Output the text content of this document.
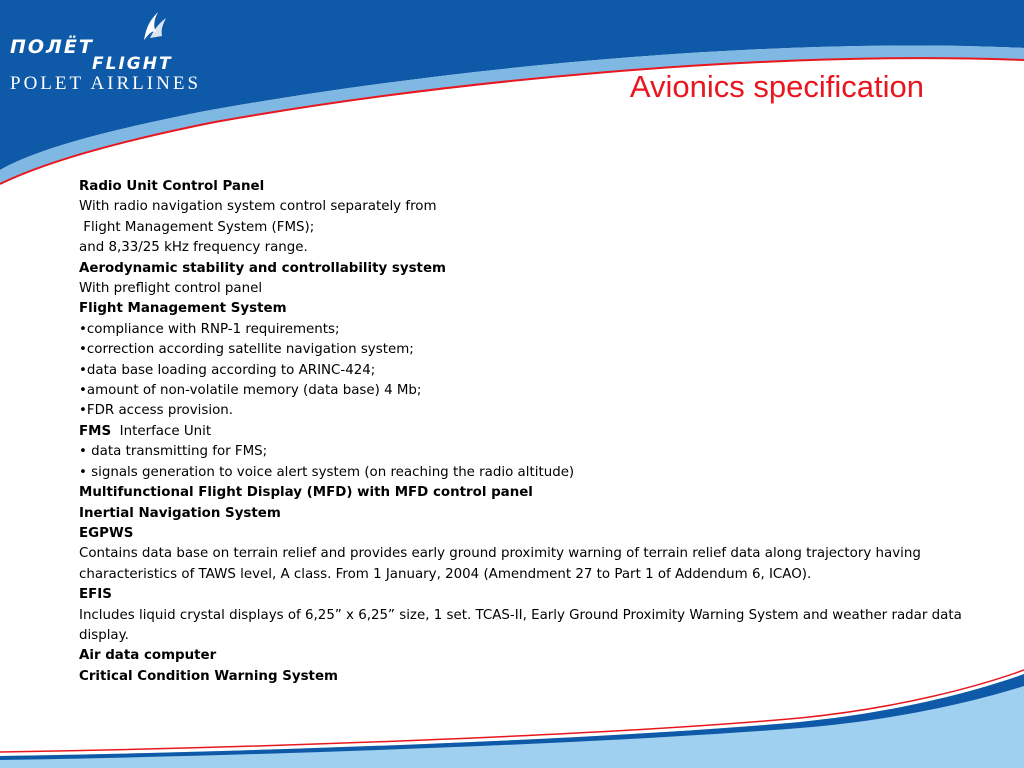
ПОЛЁТ
FLIGHT
POLET AIRLINES	Avionics specification

Radio Unit Control Panel

With radio navigation system control separately from

Flight Management System (FMS);

and 8,33/25 kHz frequency range.

Aerodynamic stability and controllability system

With preflight control panel

Flight Management System

•compliance with RNP-1 requirements;

•correction according satellite navigation system;

•data base loading according to ARINC-424;

•amount of non-volatile memory (data base) 4 Mb;

•FDR access provision.

FMS  Interface Unit

• data transmitting for FMS;

• signals generation to voice alert system (on reaching the radio altitude)

Multifunctional Flight Display (MFD) with MFD control panel

Inertial Navigation System

EGPWS

Contains data base on terrain relief and provides early ground proximity warning of terrain relief data along trajectory having characteristics of TAWS level, A class. From 1 January, 2004 (Amendment 27 to Part 1 of Addendum 6, ICAO).

EFIS

Includes liquid crystal displays of 6,25” x 6,25” size, 1 set. TCAS-II, Early Ground Proximity Warning System and weather radar data display.

Air data computer

Critical Condition Warning System
